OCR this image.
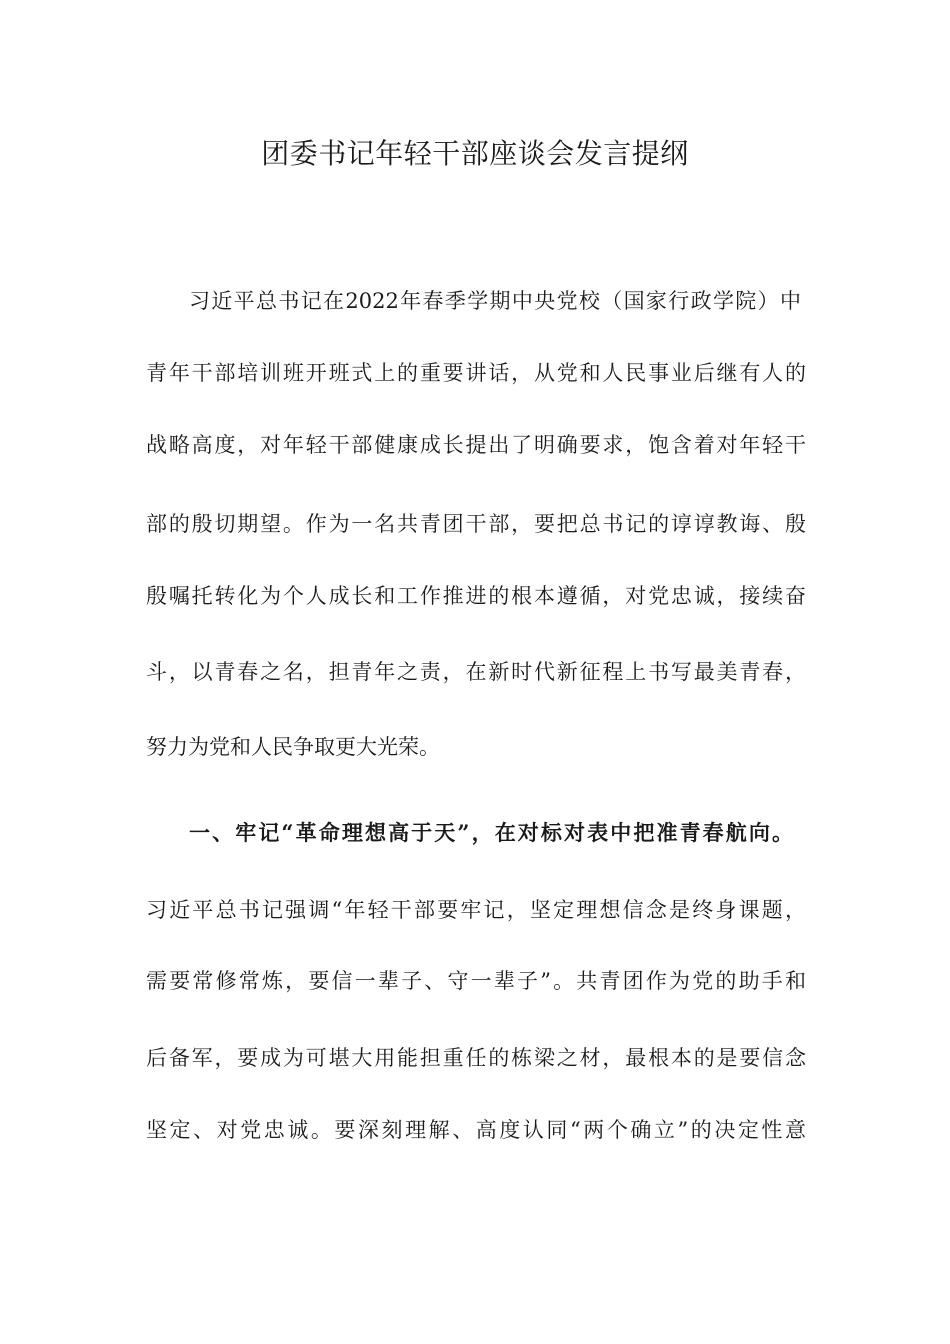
团委书记年轻干部座谈会发言提纲
习近平总书记在2022年春季学期中央党校（国家行政学院）中
青年干部培训班开班式上的重要讲话，从党和人民事业后继有人的
战略高度，对年轻干部健康成长提出了明确要求，饱含着对年轻干
部的殷切期望。作为一名共青团干部，要把总书记的谆谆教诲、殷
殷嘱托转化为个人成长和工作推进的根本遵循，对党忠诚，接续奋
斗，以青春之名，担青年之责，在新时代新征程上书写最美青春，
努力为党和人民争取更大光荣。
一、牢记“革命理想高于天”，在对标对表中把准青春航向。
习近平总书记强调“年轻干部要牢记，坚定理想信念是终身课题，
需要常修常炼，要信一辈子、守一辈子”。共青团作为党的助手和
后备军，要成为可堪大用能担重任的栋梁之材，最根本的是要信念
坚定、对党忠诚。要深刻理解、高度认同“两个确立”的决定性意
